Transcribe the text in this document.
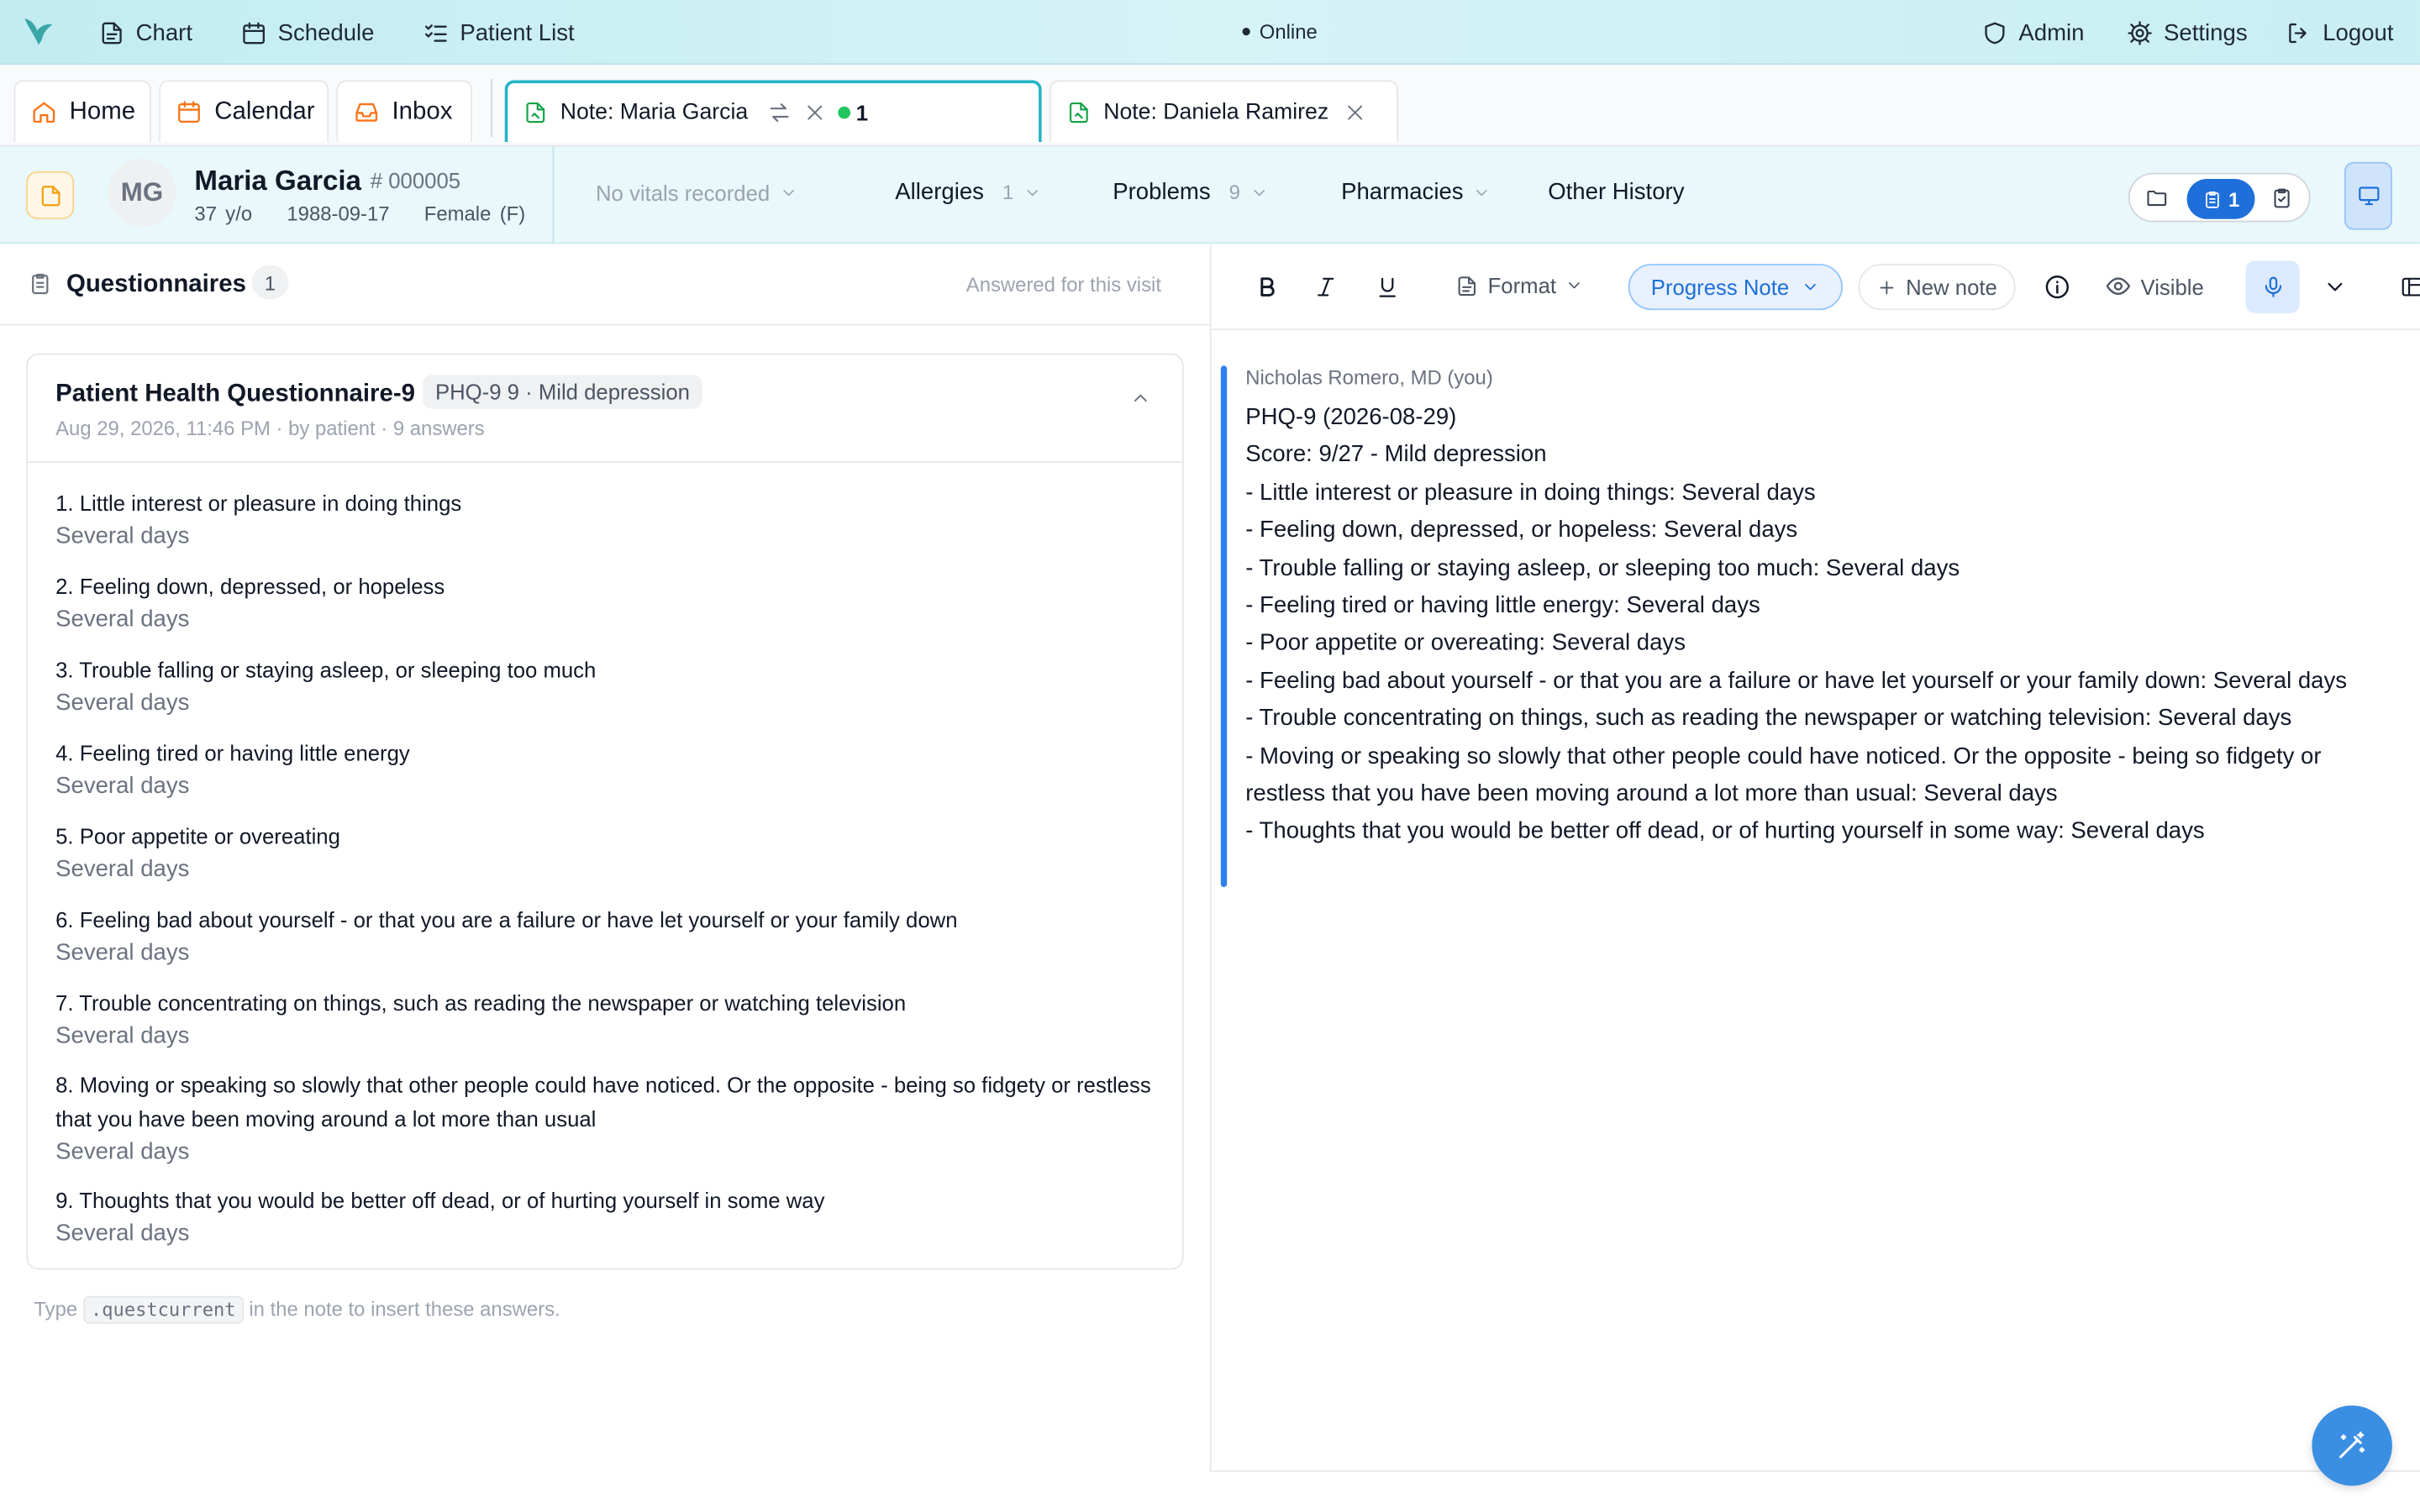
Chart	Schedule	Patient List	Online	Admin	Settings	Logout
Home	Calendar	Inbox	Note: Maria Garcia	1	Note: Daniela Ramirez
MG	Maria Garcia # 000005
37 y/o	1988-09-17	Female (F)
No vitals recorded	Allergies 1	Problems 9	Pharmacies	Other History	1
Questionnaires	1	Answered for this visit
Patient Health Questionnaire-9	PHQ-9 9 · Mild depression
Aug 29, 2026, 11:46 PM · by patient · 9 answers
1. Little interest or pleasure in doing things
Several days
2. Feeling down, depressed, or hopeless
Several days
3. Trouble falling or staying asleep, or sleeping too much
Several days
4. Feeling tired or having little energy
Several days
5. Poor appetite or overeating
Several days
6. Feeling bad about yourself - or that you are a failure or have let yourself or your family down
Several days
7. Trouble concentrating on things, such as reading the newspaper or watching television
Several days
8. Moving or speaking so slowly that other people could have noticed. Or the opposite - being so fidgety or restless that you have been moving around a lot more than usual
Several days
9. Thoughts that you would be better off dead, or of hurting yourself in some way
Several days
Type .questcurrent in the note to insert these answers.
Format	Progress Note	New note	Visible
Nicholas Romero, MD (you)
PHQ-9 (2026-08-29)
Score: 9/27 - Mild depression
- Little interest or pleasure in doing things: Several days
- Feeling down, depressed, or hopeless: Several days
- Trouble falling or staying asleep, or sleeping too much: Several days
- Feeling tired or having little energy: Several days
- Poor appetite or overeating: Several days
- Feeling bad about yourself - or that you are a failure or have let yourself or your family down: Several days
- Trouble concentrating on things, such as reading the newspaper or watching television: Several days
- Moving or speaking so slowly that other people could have noticed. Or the opposite - being so fidgety or restless that you have been moving around a lot more than usual: Several days
- Thoughts that you would be better off dead, or of hurting yourself in some way: Several days
